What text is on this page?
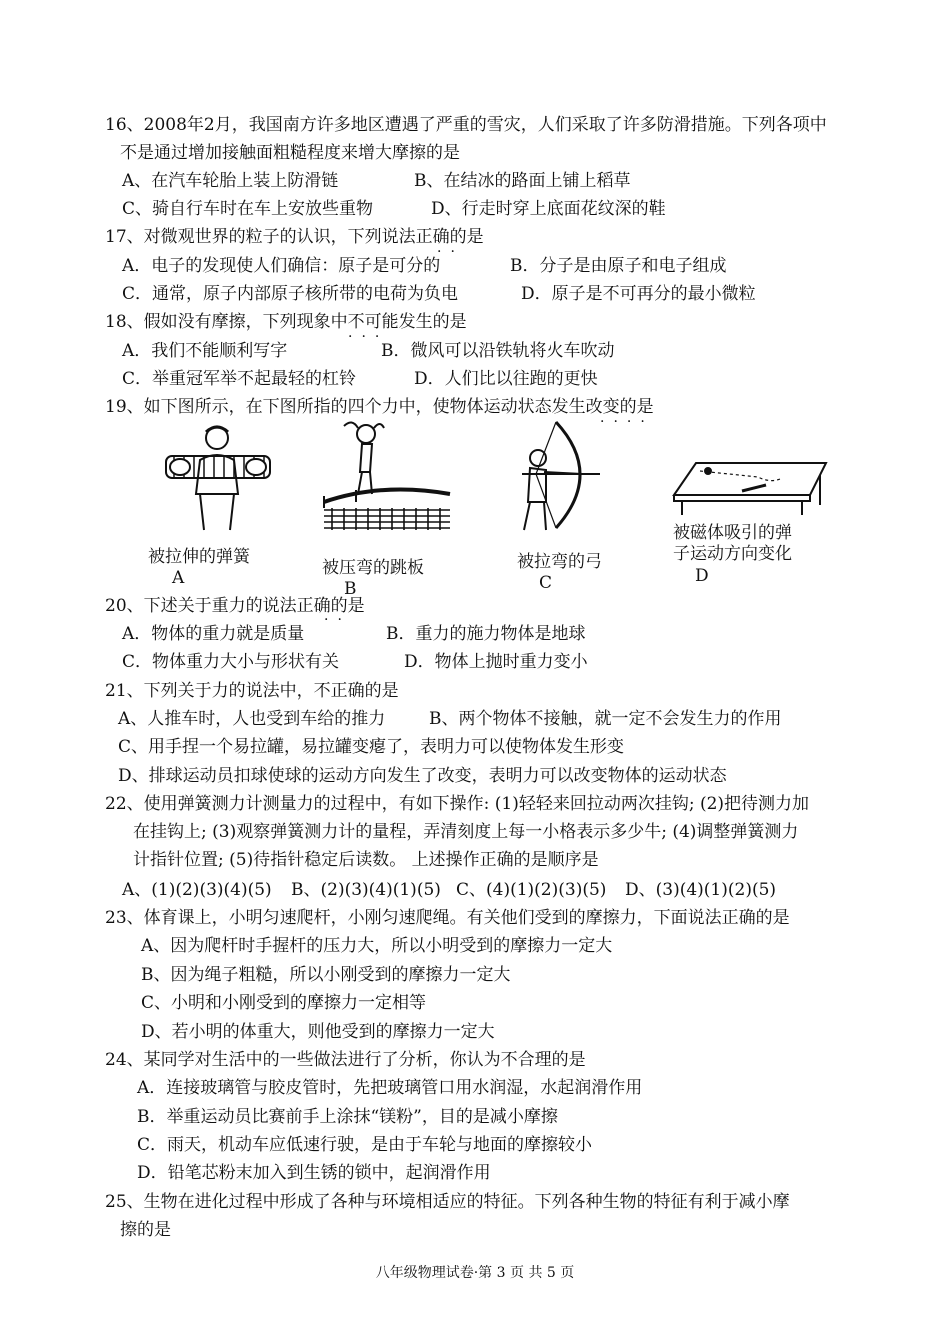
16、2008年2月，我国南方许多地区遭遇了严重的雪灾，人们采取了许多防滑措施。下列各项中
不是通过增加接触面粗糙程度来增大摩擦的是
A、在汽车轮胎上装上防滑链	B、在结冰的路面上铺上稻草
C、骑自行车时在车上安放些重物	D、行走时穿上底面花纹深的鞋
17、对微观世界的粒子的认识，下列说法正确的是
··
A．电子的发现使人们确信：原子是可分的	B．分子是由原子和电子组成
C．通常，原子内部原子核所带的电荷为负电	D．原子是不可再分的最小微粒
18、假如没有摩擦，下列现象中不可能发生的是
···
A．我们不能顺利写字	B．微风可以沿铁轨将火车吹动
C．举重冠军举不起最轻的杠铃	D．人们比以往跑的更快
19、如下图所示，在下图所指的四个力中，使物体运动状态发生改变的是
····
被拉伸的弹簧
A	被压弯的跳板
B
被拉弯的弓
C
被磁体吸引的弹
子运动方向变化
D
20、下述关于重力的说法正确的是
··
A．物体的重力就是质量	B．重力的施力物体是地球
C．物体重力大小与形状有关	D．物体上抛时重力变小
21、下列关于力的说法中，不正确的是
A、人推车时，人也受到车给的推力	B、两个物体不接触，就一定不会发生力的作用
C、用手捏一个易拉罐，易拉罐变瘪了，表明力可以使物体发生形变
D、排球运动员扣球使球的运动方向发生了改变，表明力可以改变物体的运动状态
22、使用弹簧测力计测量力的过程中，有如下操作: (1)轻轻来回拉动两次挂钩; (2)把待测力加
在挂钩上; (3)观察弹簧测力计的量程，弄清刻度上每一小格表示多少牛; (4)调整弹簧测力
计指针位置; (5)待指针稳定后读数。 上述操作正确的是顺序是
A、(1)(2)(3)(4)(5) B、(2)(3)(4)(1)(5) C、(4)(1)(2)(3)(5) D、(3)(4)(1)(2)(5)
23、体育课上，小明匀速爬杆，小刚匀速爬绳。有关他们受到的摩擦力，下面说法正确的是
A、因为爬杆时手握杆的压力大，所以小明受到的摩擦力一定大
B、因为绳子粗糙，所以小刚受到的摩擦力一定大
C、小明和小刚受到的摩擦力一定相等
D、若小明的体重大，则他受到的摩擦力一定大
24、某同学对生活中的一些做法进行了分析，你认为不合理的是
A．连接玻璃管与胶皮管时，先把玻璃管口用水润湿，水起润滑作用
B．举重运动员比赛前手上涂抹“镁粉”，目的是减小摩擦
C．雨天，机动车应低速行驶，是由于车轮与地面的摩擦较小
D．铅笔芯粉末加入到生锈的锁中，起润滑作用
25、生物在进化过程中形成了各种与环境相适应的特征。下列各种生物的特征有利于减小摩
擦的是
八年级物理试卷·第 3 页 共 5 页
